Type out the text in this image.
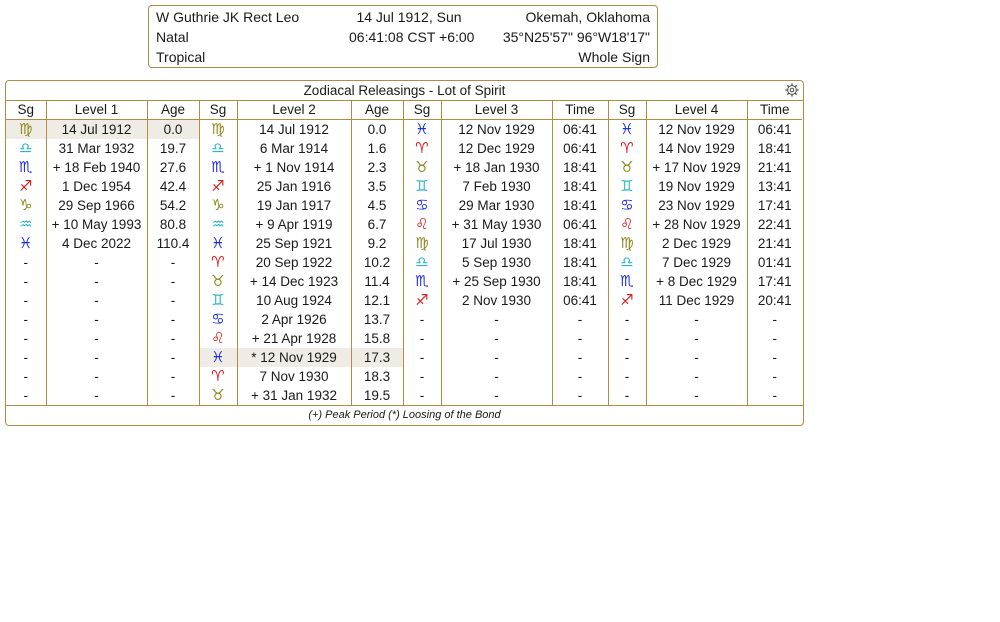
W Guthrie JK Rect Leo	14 Jul 1912, Sun	Okemah, Oklahoma
Natal	06:41:08 CST +6:00 35°N25'57" 96°W18'17"
Tropical	Whole Sign
Zodiacal Releasings - Lot of Spirit
Sg	Level 1	Age	Sg	Level 2	Age	Sg	Level 3	Time	Sg	Level 4	Time
♍	14 Jul 1912	0.0	♍	14 Jul 1912	0.0	♓	12 Nov 1929	06:41	♓	12 Nov 1929	06:41
♎	31 Mar 1932	19.7	♎	6 Mar 1914	1.6	♈	12 Dec 1929	06:41	♈	14 Nov 1929	18:41
♏	+ 18 Feb 1940	27.6	♏	+ 1 Nov 1914	2.3	♉	+ 18 Jan 1930	18:41	♉	+ 17 Nov 1929	21:41
♐	1 Dec 1954	42.4	♐	25 Jan 1916	3.5	♊	7 Feb 1930	18:41	♊	19 Nov 1929	13:41
♑	29 Sep 1966	54.2	♑	19 Jan 1917	4.5	♋	29 Mar 1930	18:41	♋	23 Nov 1929	17:41
♒	+ 10 May 1993	80.8	♒	+ 9 Apr 1919	6.7	♌	+ 31 May 1930	06:41	♌	+ 28 Nov 1929	22:41
♓	4 Dec 2022	110.4	♓	25 Sep 1921	9.2	♍	17 Jul 1930	18:41	♍	2 Dec 1929	21:41
-	-	-	♈	20 Sep 1922	10.2	♎	5 Sep 1930	18:41	♎	7 Dec 1929	01:41
-	-	-	♉	+ 14 Dec 1923	11.4	♏	+ 25 Sep 1930	18:41	♏	+ 8 Dec 1929	17:41
-	-	-	♊	10 Aug 1924	12.1	♐	2 Nov 1930	06:41	♐	11 Dec 1929	20:41
-	-	-	♋	2 Apr 1926	13.7	-	-	-	-	-	-
-	-	-	♌	+ 21 Apr 1928	15.8	-	-	-	-	-	-
-	-	-	♓	* 12 Nov 1929	17.3	-	-	-	-	-	-
-	-	-	♈	7 Nov 1930	18.3	-	-	-	-	-	-
-	-	-	♉	+ 31 Jan 1932	19.5	-	-	-	-	-	-
(+) Peak Period (*) Loosing of the Bond
